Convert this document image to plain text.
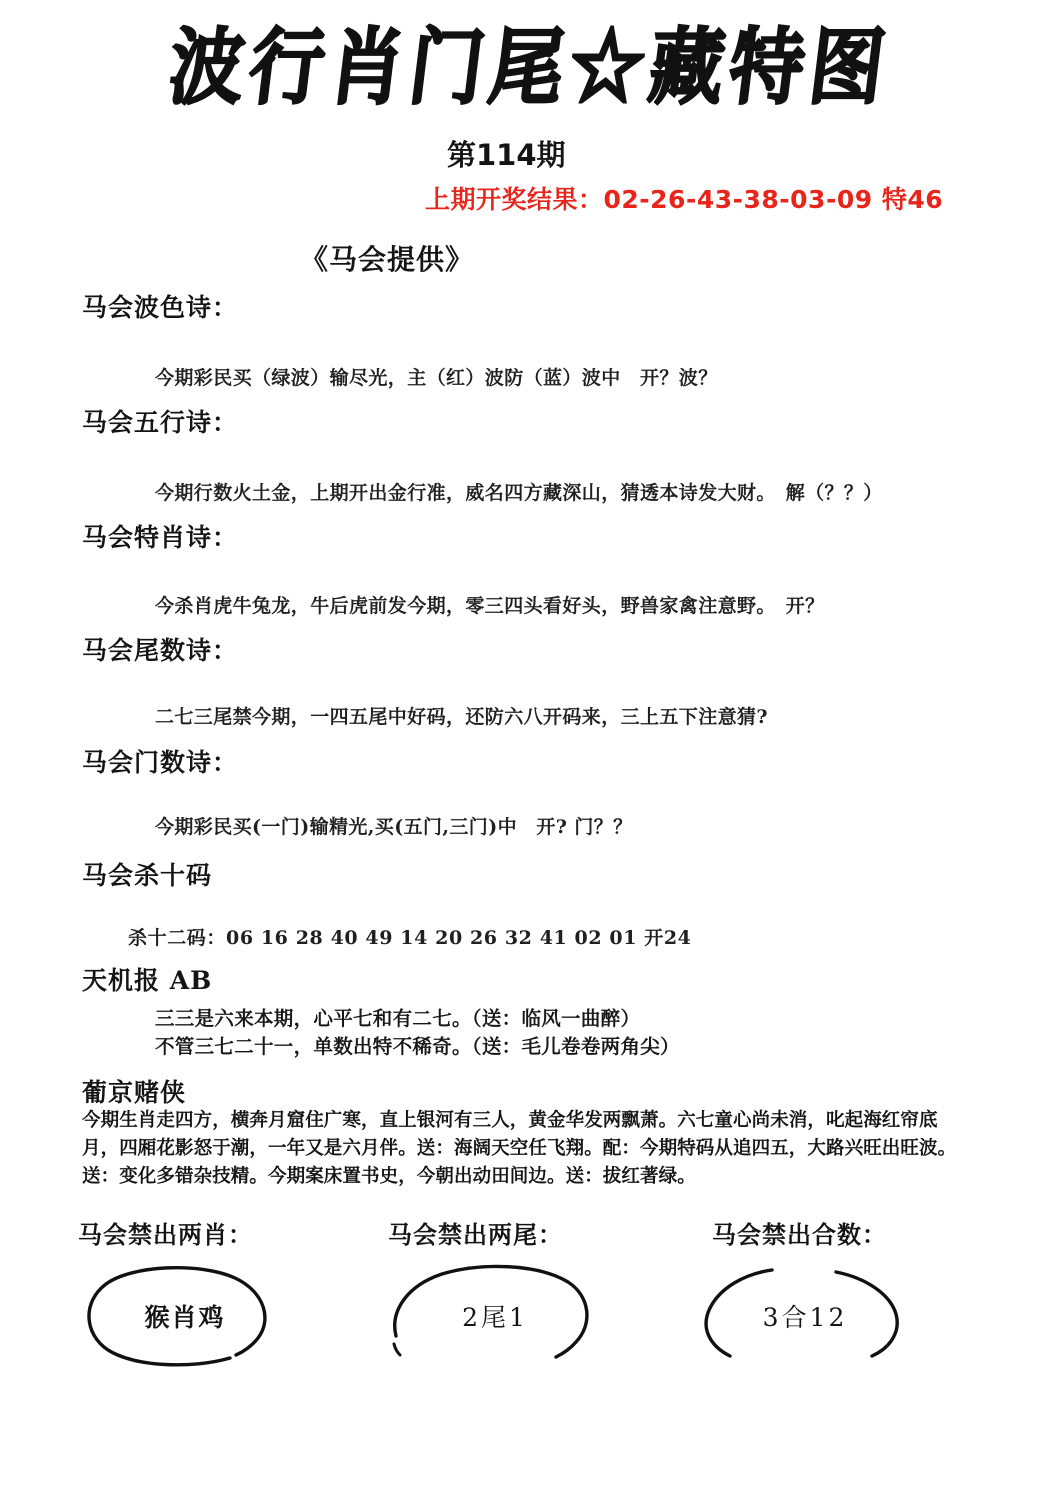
波行肖门尾☆藏特图
第114期
上期开奖结果：02-26-43-38-03-09 特46
《马会提供》
马会波色诗：
今期彩民买（绿波）输尽光，主（红）波防（蓝）波中　开？波？
马会五行诗：
今期行数火土金，上期开出金行准，威名四方藏深山，猜透本诗发大财。　解（？？）
马会特肖诗：
今杀肖虎牛兔龙，牛后虎前发今期，零三四头看好头，野兽家禽注意野。　开？
马会尾数诗：
二七三尾禁今期，一四五尾中好码，还防六八开码来，三上五下注意猜?
马会门数诗：
今期彩民买(一门)输精光,买(五门,三门)中　开? 门？？
马会杀十码
杀十二码：06 16 28 40 49 14 20 26 32 41 02 01 开24
天机报 AB
三三是六来本期，心平七和有二七。（送：临风一曲醉）
不管三七二十一，单数出特不稀奇。（送：毛儿卷卷两角尖）
葡京赌侠
今期生肖走四方，横奔月窟住广寒，直上银河有三人，黄金华发两飘萧。六七童心尚未消，叱起海红帘底
月，四厢花影怒于潮，一年又是六月伴。送：海阔天空任飞翔。配：今期特码从追四五，大路兴旺出旺波。
送：变化多错杂技精。今期案床置书史，今朝出动田间边。送：拔红著绿。
马会禁出两肖：	马会禁出两尾：	马会禁出合数：
猴肖鸡	2尾1	3合12
